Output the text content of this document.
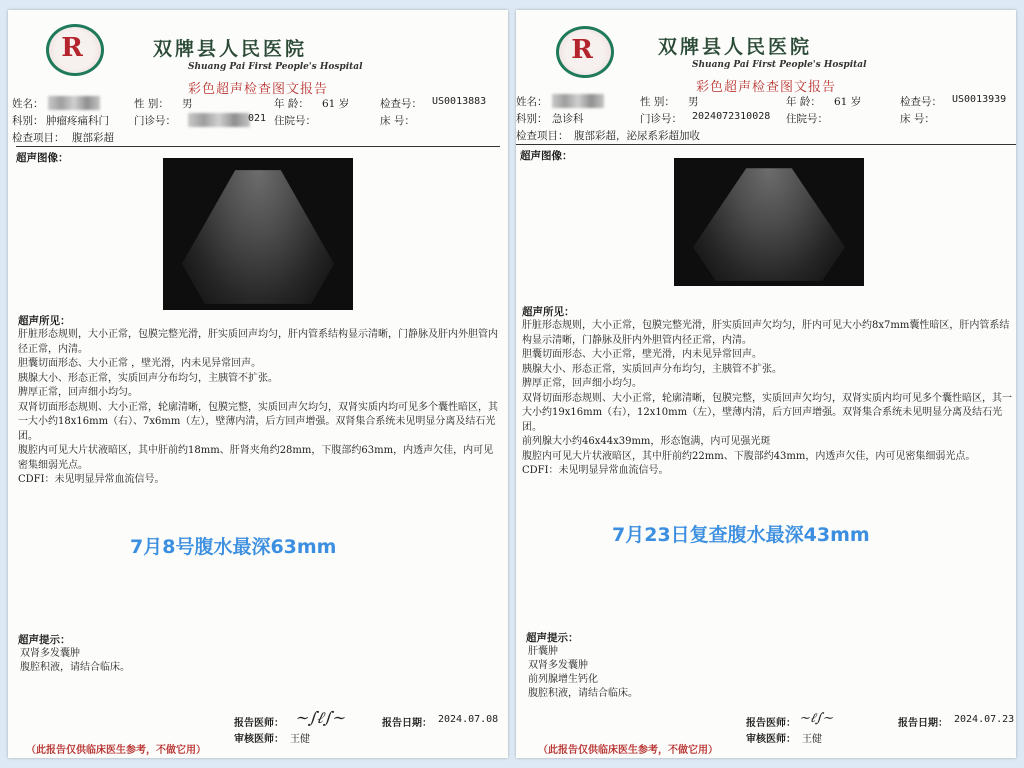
R	双牌县人民医院
Shuang Pai First People's Hospital
彩色超声检查图文报告
姓名：	性 别： 男	年 龄： 61 岁	检查号： US0013883
科别： 肿瘤疼痛科门 门诊号：	021 住院号：	床 号：
检查项目： 腹部彩超
超声图像：
超声所见：

肝脏形态规则，大小正常，包膜完整光滑，肝实质回声均匀，肝内管系结构显示清晰，门静脉及肝内外胆管内径正常，内清。

胆囊切面形态、大小正常 ，壁光滑，内未见异常回声。

胰腺大小、形态正常，实质回声分布均匀，主胰管不扩张。

脾厚正常，回声细小均匀。

双肾切面形态规则、大小正常，轮廓清晰，包膜完整，实质回声欠均匀，双肾实质内均可见多个囊性暗区，其一大小约18x16mm（右）、7x6mm（左），壁薄内清，后方回声增强。双肾集合系统未见明显分离及结石光团。

腹腔内可见大片状液暗区，其中肝前约18mm、肝肾夹角约28mm，下腹部约63mm，内透声欠佳，内可见密集细弱光点。

CDFI：未见明显异常血流信号。

7月8号腹水最深63mm
超声提示：

双肾多发囊肿

腹腔积液，请结合临床。

报告医师： ~∫ℓ∫~
审核医师： 王健
报告日期： 2024.07.08
（此报告仅供临床医生参考，不做它用）
R	双牌县人民医院
Shuang Pai First People's Hospital
彩色超声检查图文报告
姓名：	性 别： 男	年 龄： 61 岁	检查号： US0013939
科别： 急诊科	门诊号： 2024072310028 住院号：	床 号：
检查项目： 腹部彩超，泌尿系彩超加收
超声图像：
超声所见：

肝脏形态规则，大小正常，包膜完整光滑，肝实质回声欠均匀，肝内可见大小约8x7mm囊性暗区，肝内管系结构显示清晰，门静脉及肝内外胆管内径正常，内清。

胆囊切面形态、大小正常，壁光滑，内未见异常回声。

胰腺大小、形态正常，实质回声分布均匀，主胰管不扩张。

脾厚正常，回声细小均匀。

双肾切面形态规则、大小正常，轮廓清晰，包膜完整，实质回声欠均匀，双肾实质内均可见多个囊性暗区，其一大小约19x16mm（右），12x10mm（左），壁薄内清，后方回声增强。双肾集合系统未见明显分离及结石光团。

前列腺大小约46x44x39mm，形态饱满，内可见强光斑

腹腔内可见大片状液暗区，其中肝前约22mm、下腹部约43mm，内透声欠佳，内可见密集细弱光点。

CDFI：未见明显异常血流信号。

7月23日复查腹水最深43mm
超声提示：

肝囊肿

双肾多发囊肿

前列腺增生钙化

腹腔积液，请结合临床。

报告医师： ~ℓ∫~
审核医师： 王健
报告日期： 2024.07.23
（此报告仅供临床医生参考，不做它用）
